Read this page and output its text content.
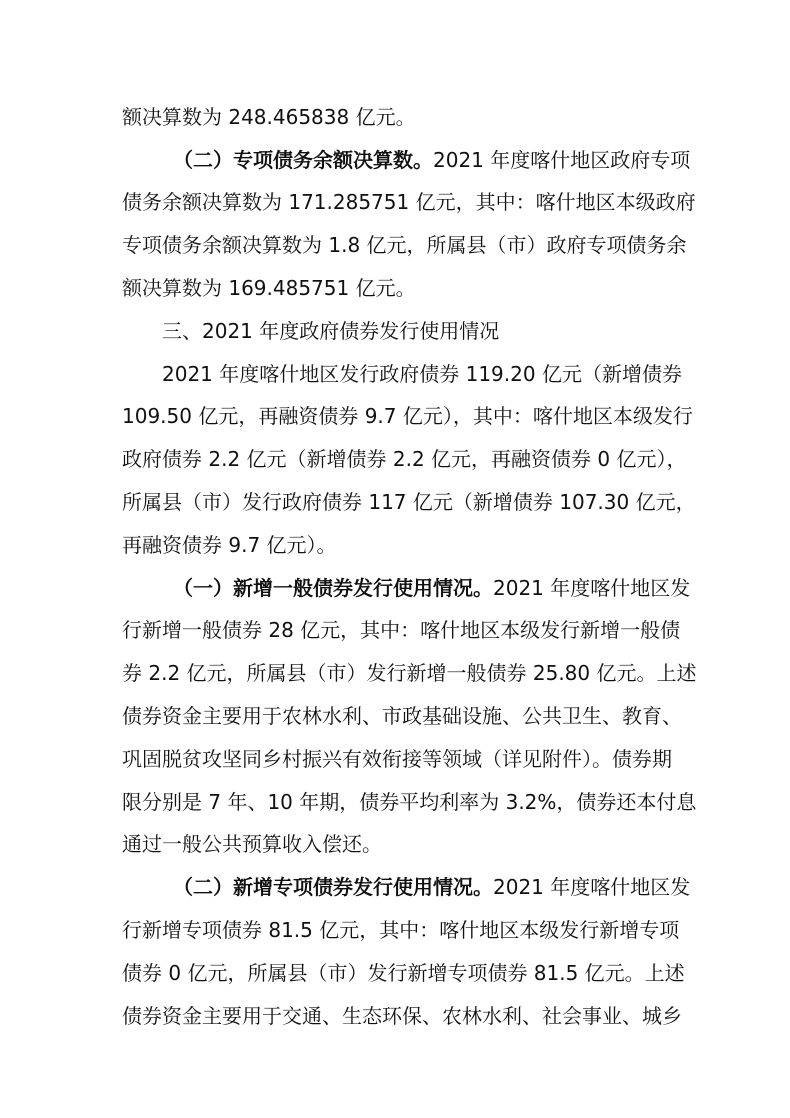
额决算数为 248.465838 亿元。
（二）专项债务余额决算数。2021 年度喀什地区政府专项
债务余额决算数为 171.285751 亿元，其中：喀什地区本级政府
专项债务余额决算数为 1.8 亿元，所属县（市）政府专项债务余
额决算数为 169.485751 亿元。
三、2021 年度政府债券发行使用情况
2021 年度喀什地区发行政府债券 119.20 亿元（新增债券
109.50 亿元，再融资债券 9.7 亿元），其中：喀什地区本级发行
政府债券 2.2 亿元（新增债券 2.2 亿元，再融资债券 0 亿元），
所属县（市）发行政府债券 117 亿元（新增债券 107.30 亿元，
再融资债券 9.7 亿元）。
（一）新增一般债券发行使用情况。2021 年度喀什地区发
行新增一般债券 28 亿元，其中：喀什地区本级发行新增一般债
券 2.2 亿元，所属县（市）发行新增一般债券 25.80 亿元。上述
债券资金主要用于农林水利、市政基础设施、公共卫生、教育、
巩固脱贫攻坚同乡村振兴有效衔接等领域（详见附件）。债券期
限分别是 7 年、10 年期，债券平均利率为 3.2%，债券还本付息
通过一般公共预算收入偿还。
（二）新增专项债券发行使用情况。2021 年度喀什地区发
行新增专项债券 81.5 亿元，其中：喀什地区本级发行新增专项
债券 0 亿元，所属县（市）发行新增专项债券 81.5 亿元。上述
债券资金主要用于交通、生态环保、农林水利、社会事业、城乡
